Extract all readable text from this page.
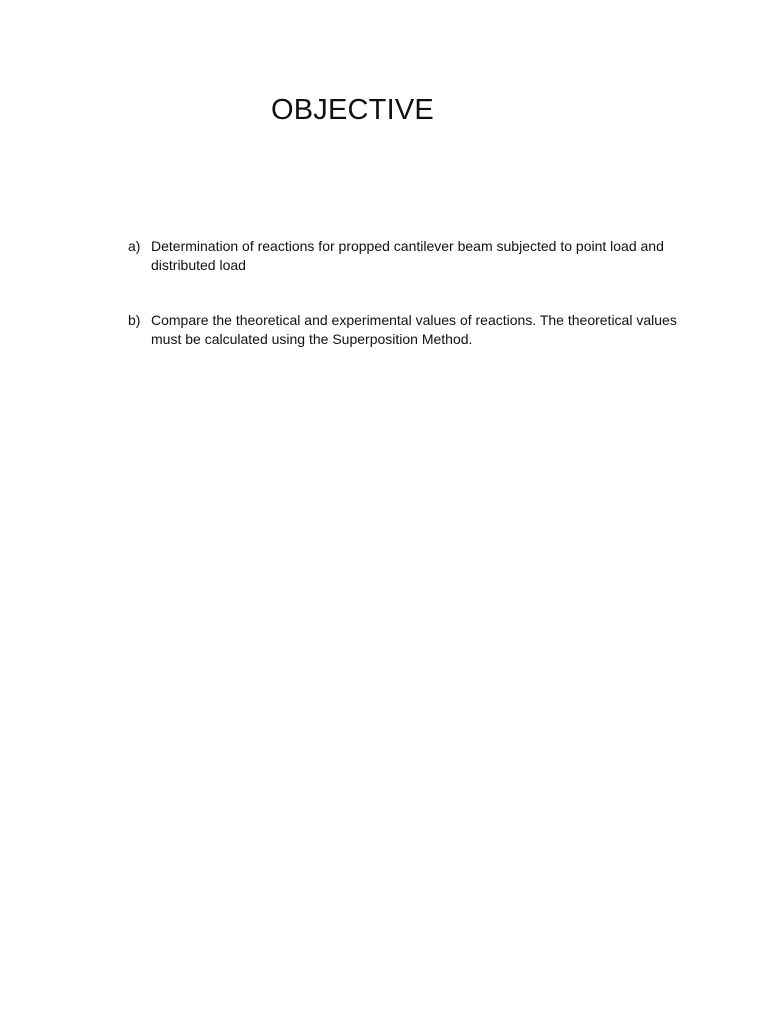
OBJECTIVE
a) Determination of reactions for propped cantilever beam subjected to point load and distributed load
b) Compare the theoretical and experimental values of reactions. The theoretical values must be calculated using the Superposition Method.
